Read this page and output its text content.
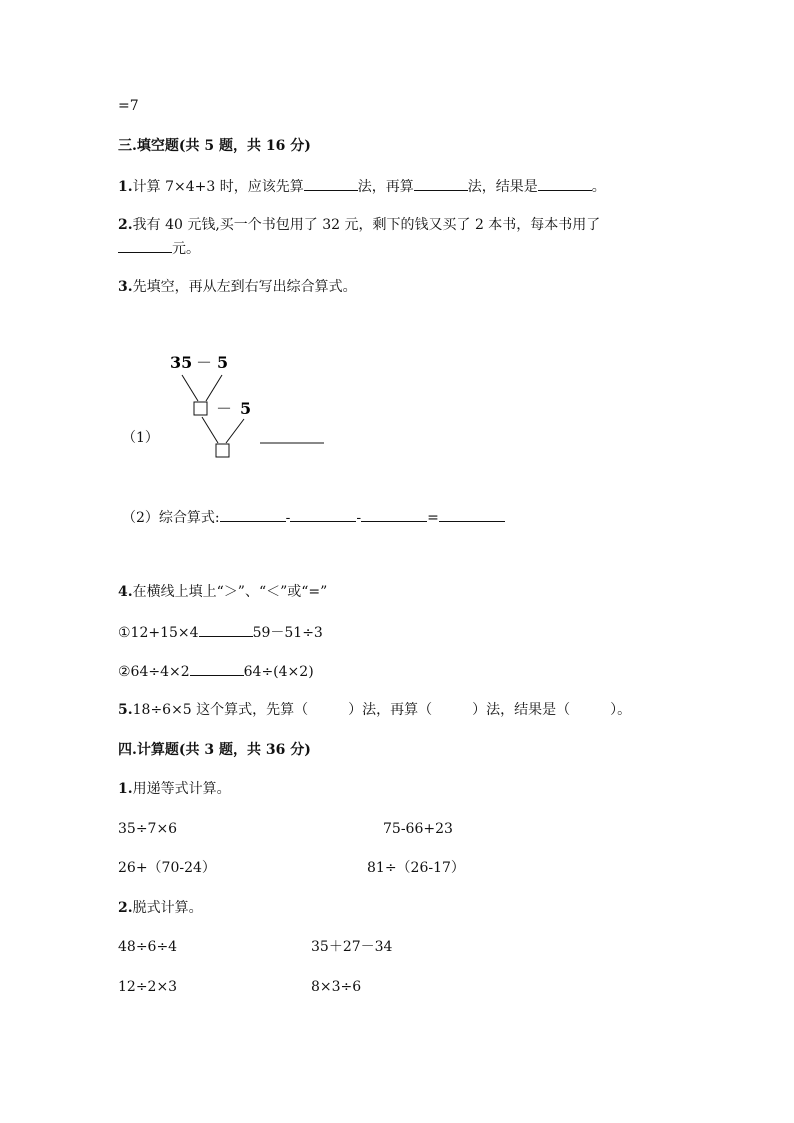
=7
三.填空题(共 5 题，共 16 分)
1.计算 7×4+3 时，应该先算	法，再算	法，结果是	。
2.我有 40 元钱,买一个书包用了 32 元，剩下的钱又买了 2 本书，每本书用了
元。
3.先填空，再从左到右写出综合算式。
（1）
35 － 5
－ 5
（2）综合算式:	-	-	=
4.在横线上填上“＞”、“＜”或“=”
①12+15×4	59－51÷3
②64÷4×2	64÷(4×2)
5.18÷6×5 这个算式，先算（	）法，再算（	）法，结果是（	）。
四.计算题(共 3 题，共 36 分)
1.用递等式计算。
35÷7×6	75-66+23
26+（70-24）	81÷（26-17）
2.脱式计算。
48÷6÷4	35＋27－34
12÷2×3	8×3÷6
